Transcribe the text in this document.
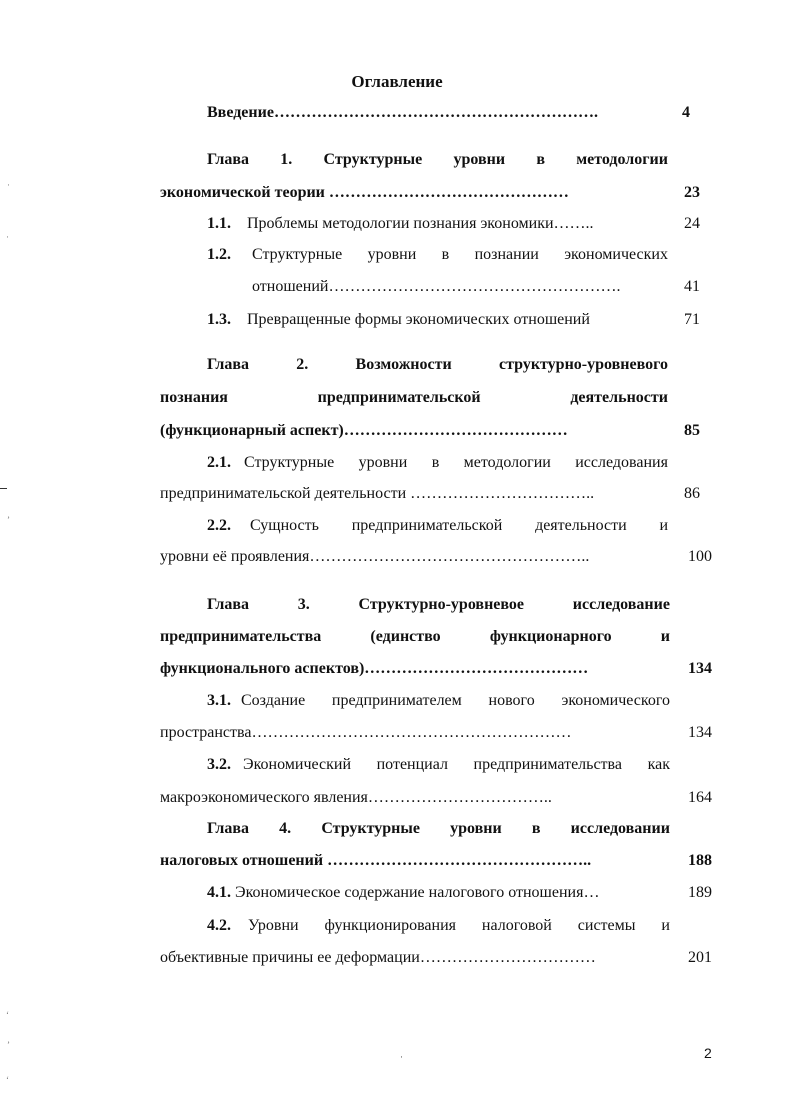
Оглавление
Введение…………………………………………………….	4
Глава 1. Структурные уровни в методологии
экономической теории ………………………………………	23
1.1. Проблемы методологии познания экономики……..	24
1.2. Структурные уровни в познании экономических
отношений……………………………………………….	41
1.3. Превращенные формы экономических отношений	71
Глава	2.	Возможности	структурно-уровневого
познания	предпринимательской	деятельности
(функционарный аспект)……………………………………	85
2.1. Структурные уровни в методологии исследования
предпринимательской деятельности ……………………………..	86
2.2. Сущность предпринимательской деятельности и
уровни её проявления……………………………………………..	100
Глава	3.	Структурно-уровневое	исследование
предпринимательства	(единство	функционарного	и
функционального аспектов)……………………………………	134
3.1. Создание предпринимателем нового экономического
пространства……………………………………………………	134
3.2. Экономический потенциал предпринимательства как
макроэкономического явления……………………………..	164
Глава 4. Структурные уровни в исследовании
налоговых отношений …………………………………………..	188
4.1. Экономическое содержание налогового отношения…	189
4.2. Уровни функционирования налоговой системы и
объективные причины ее деформации……………………………	201
2
·
·
ʼ
ʻ
ʼ
ʻ
·
